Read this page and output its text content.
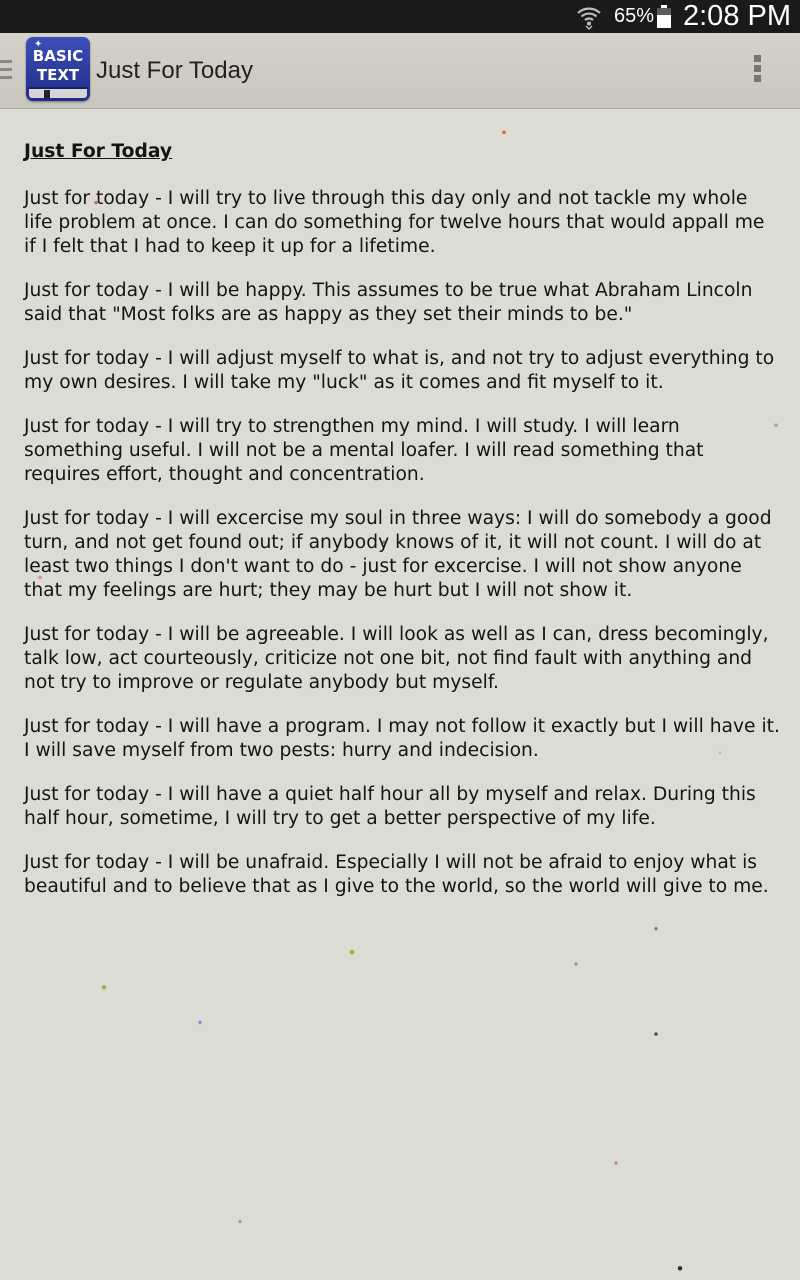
65% 2:08 PM
✦
BASIC
TEXT Just For Today
Just For Today

Just for today - I will try to live through this day only and not tackle my whole life problem at once. I can do something for twelve hours that would appall me if I felt that I had to keep it up for a lifetime.

Just for today - I will be happy. This assumes to be true what Abraham Lincoln said that "Most folks are as happy as they set their minds to be."

Just for today - I will adjust myself to what is, and not try to adjust everything to my own desires. I will take my "luck" as it comes and fit myself to it.

Just for today - I will try to strengthen my mind. I will study. I will learn something useful. I will not be a mental loafer. I will read something that requires effort, thought and concentration.

Just for today - I will excercise my soul in three ways: I will do somebody a good turn, and not get found out; if anybody knows of it, it will not count. I will do at least two things I don't want to do - just for excercise. I will not show anyone that my feelings are hurt; they may be hurt but I will not show it.

Just for today - I will be agreeable. I will look as well as I can, dress becomingly, talk low, act courteously, criticize not one bit, not find fault with anything and not try to improve or regulate anybody but myself.

Just for today - I will have a program. I may not follow it exactly but I will have it. I will save myself from two pests: hurry and indecision.

Just for today - I will have a quiet half hour all by myself and relax. During this half hour, sometime, I will try to get a better perspective of my life.

Just for today - I will be unafraid. Especially I will not be afraid to enjoy what is beautiful and to believe that as I give to the world, so the world will give to me.
